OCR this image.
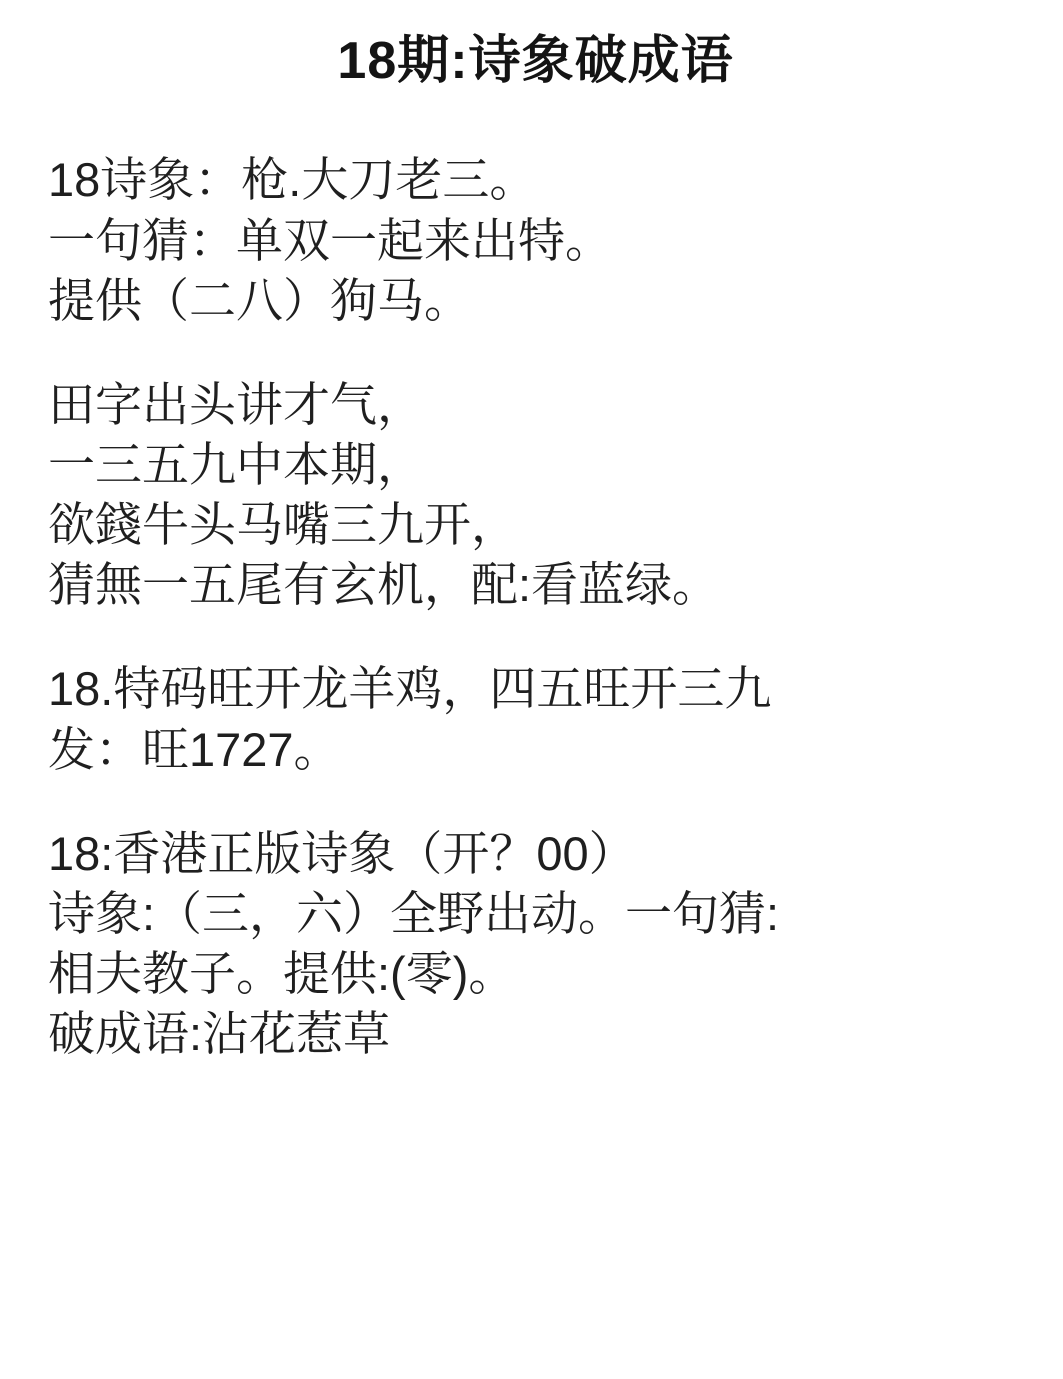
18期:诗象破成语
18诗象：枪.大刀老三。
一句猜：单双一起来出特。
提供（二八）狗马。
田字出头讲才气，
一三五九中本期，
欲錢牛头马嘴三九开，
猜無一五尾有玄机，配:看蓝绿。
18.特码旺开龙羊鸡，四五旺开三九
发：旺1727。
18:香港正版诗象（开？00）
诗象:（三，六）全野出动。一句猜:
相夫教子。提供:(零)。
破成语:沾花惹草
